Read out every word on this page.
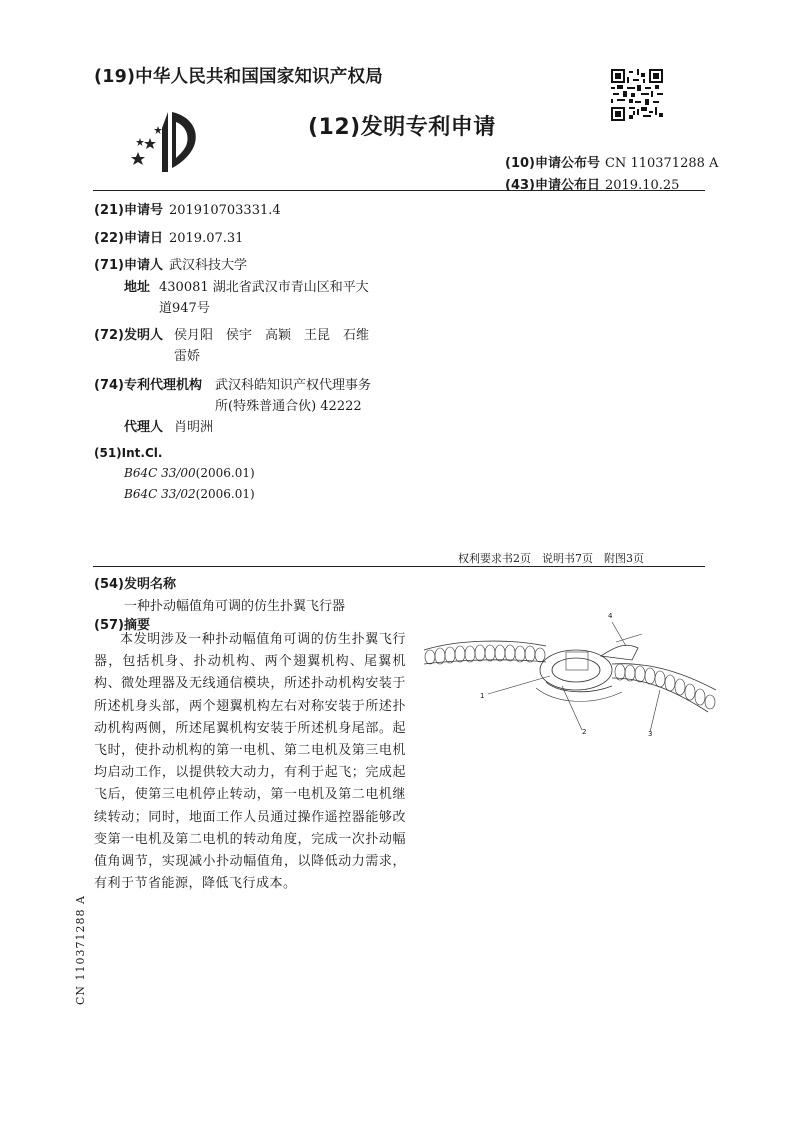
(19)中华人民共和国国家知识产权局
(12)发明专利申请
(10)申请公布号 CN 110371288 A
(43)申请公布日 2019.10.25
(21)申请号 201910703331.4
(22)申请日 2019.07.31
(71)申请人 武汉科技大学
地址 430081 湖北省武汉市青山区和平大
道947号
(72)发明人 侯月阳　侯宇　高颖　王昆　石维
雷娇
(74)专利代理机构 武汉科皓知识产权代理事务
所(特殊普通合伙) 42222
代理人 肖明洲
(51)Int.Cl.
B64C 33/00(2006.01)
B64C 33/02(2006.01)
权利要求书2页　说明书7页　附图3页
(54)发明名称
一种扑动幅值角可调的仿生扑翼飞行器
(57)摘要
本发明涉及一种扑动幅值角可调的仿生扑翼飞行器，包括机身、扑动机构、两个翅翼机构、尾翼机构、微处理器及无线通信模块，所述扑动机构安装于所述机身头部，两个翅翼机构左右对称安装于所述扑动机构两侧，所述尾翼机构安装于所述机身尾部。起飞时，使扑动机构的第一电机、第二电机及第三电机均启动工作，以提供较大动力，有利于起飞；完成起飞后，使第三电机停止转动，第一电机及第二电机继续转动；同时，地面工作人员通过操作遥控器能够改变第一电机及第二电机的转动角度，完成一次扑动幅值角调节，实现减小扑动幅值角，以降低动力需求，有利于节省能源，降低飞行成本。
4
1
2	3
CN 110371288 A
